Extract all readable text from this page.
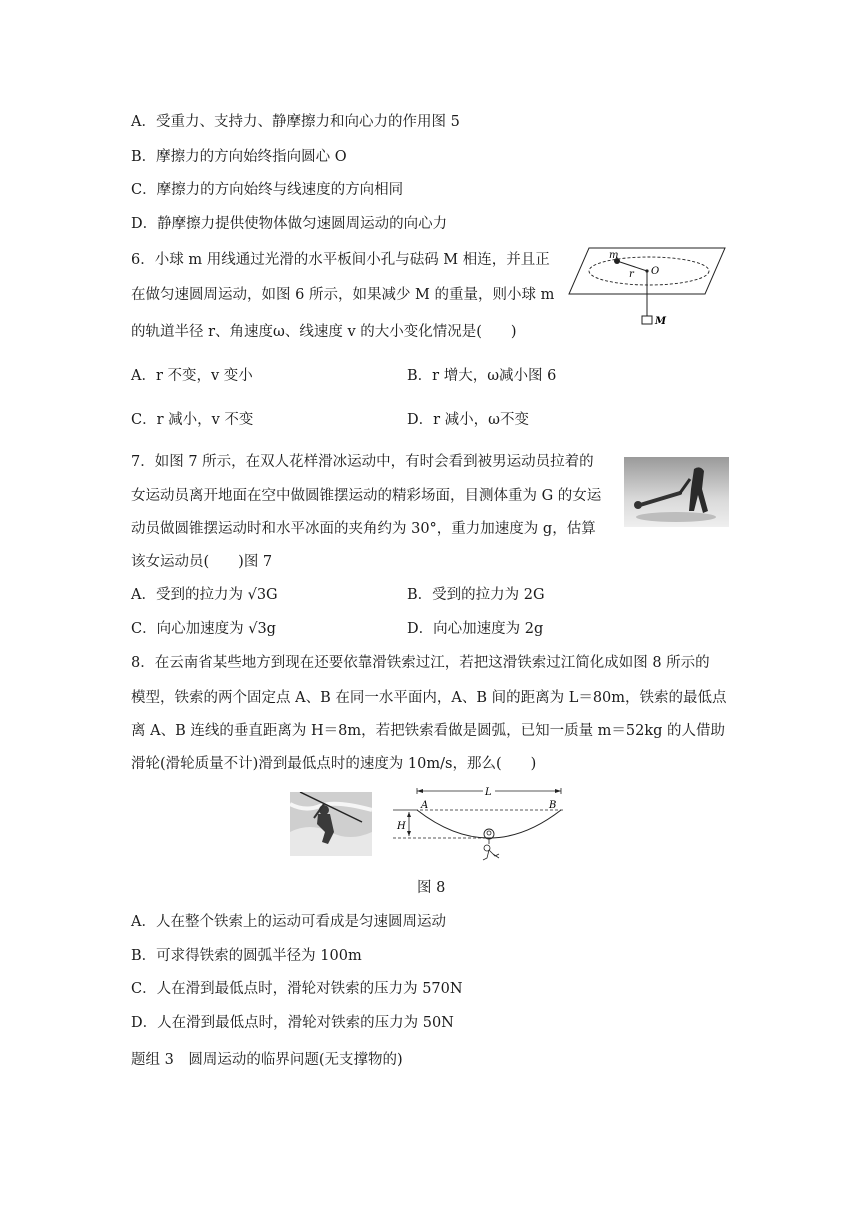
A．受重力、支持力、静摩擦力和向心力的作用图 5
B．摩擦力的方向始终指向圆心 O
C．摩擦力的方向始终与线速度的方向相同
D．静摩擦力提供使物体做匀速圆周运动的向心力
6．小球 m 用线通过光滑的水平板间小孔与砝码 M 相连，并且正
在做匀速圆周运动，如图 6 所示，如果减少 M 的重量，则小球 m
的轨道半径 r、角速度ω、线速度 v 的大小变化情况是(　　)
m
r O
M
A．r 不变，v 变小	B．r 增大，ω减小图 6
C．r 减小，v 不变	D．r 减小，ω不变
7．如图 7 所示，在双人花样滑冰运动中，有时会看到被男运动员拉着的
女运动员离开地面在空中做圆锥摆运动的精彩场面，目测体重为 G 的女运
动员做圆锥摆运动时和水平冰面的夹角约为 30°，重力加速度为 g，估算
该女运动员(　　)图 7
A．受到的拉力为 √3G	B．受到的拉力为 2G
C．向心加速度为 √3g	D．向心加速度为 2g
8．在云南省某些地方到现在还要依靠滑铁索过江，若把这滑铁索过江简化成如图 8 所示的
模型，铁索的两个固定点 A、B 在同一水平面内，A、B 间的距离为 L＝80m，铁索的最低点
离 A、B 连线的垂直距离为 H＝8m，若把铁索看做是圆弧，已知一质量 m＝52kg 的人借助
滑轮(滑轮质量不计)滑到最低点时的速度为 10m/s，那么(　　)
L
A	B
H
图 8
A．人在整个铁索上的运动可看成是匀速圆周运动
B．可求得铁索的圆弧半径为 100m
C．人在滑到最低点时，滑轮对铁索的压力为 570N
D．人在滑到最低点时，滑轮对铁索的压力为 50N
题组 3　圆周运动的临界问题(无支撑物的)
